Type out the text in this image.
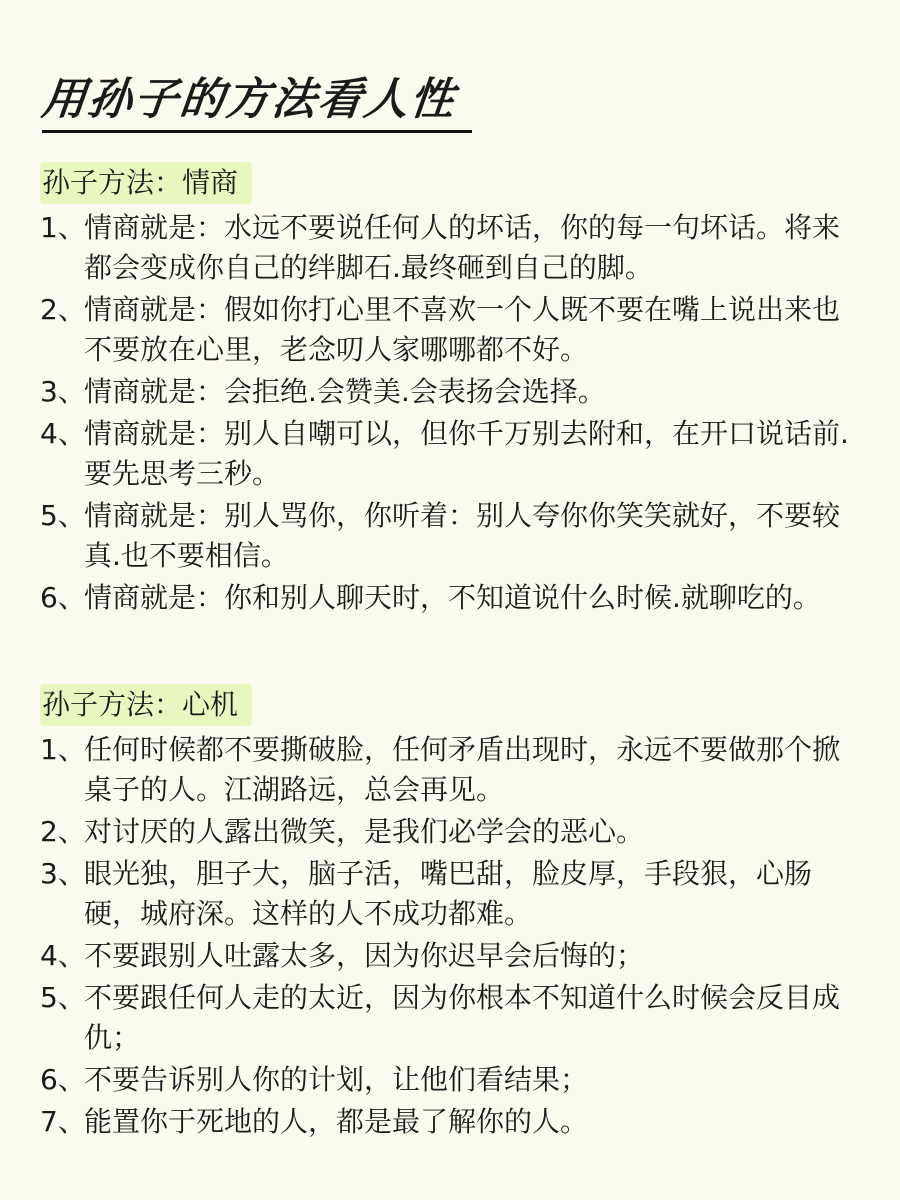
用孙子的方法看人性
孙子方法：情商
1、
情商就是：水远不要说任何人的坏话，你的每一句坏话。将来都会变成你自己的绊脚石.最终砸到自己的脚。
2、
情商就是：假如你打心里不喜欢一个人既不要在嘴上说出来也不要放在心里，老念叨人家哪哪都不好。
3、
情商就是：会拒绝.会赞美.会表扬会选择。
4、
情商就是：别人自嘲可以，但你千万别去附和，在开口说话前.要先思考三秒。
5、
情商就是：别人骂你，你听着：别人夸你你笑笑就好，不要较真.也不要相信。
6、
情商就是：你和别人聊天时，不知道说什么时候.就聊吃的。
孙子方法：心机
1、
任何时候都不要撕破脸，任何矛盾出现时，永远不要做那个掀桌子的人。江湖路远，总会再见。
2、
对讨厌的人露出微笑，是我们必学会的恶心。
3、
眼光独，胆子大，脑子活，嘴巴甜，脸皮厚，手段狠，心肠硬，城府深。这样的人不成功都难。
4、
不要跟别人吐露太多，因为你迟早会后悔的；
5、
不要跟任何人走的太近，因为你根本不知道什么时候会反目成仇；
6、
不要告诉别人你的计划，让他们看结果；
7、
能置你于死地的人，都是最了解你的人。
